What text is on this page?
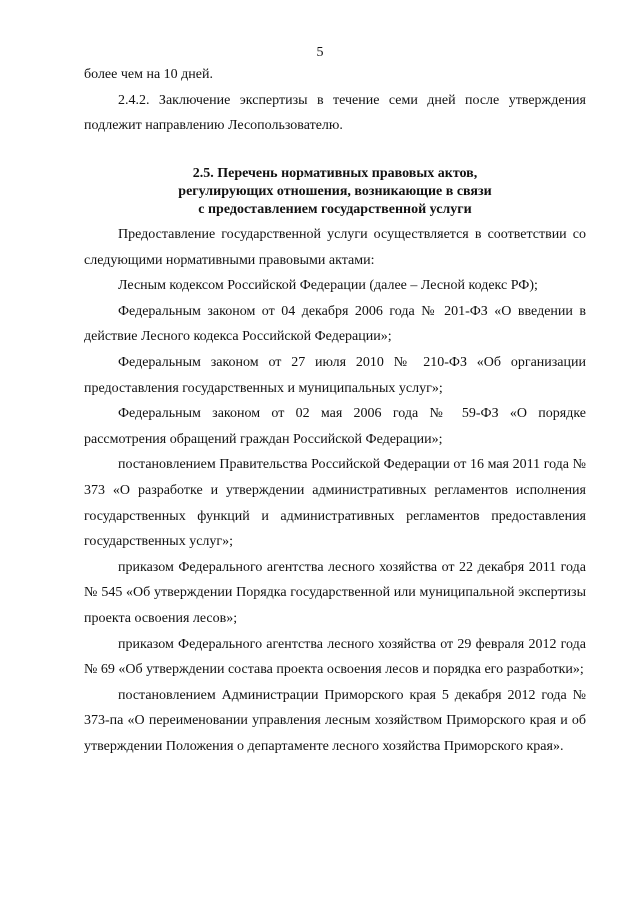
5

более чем на 10 дней.

2.4.2. Заключение экспертизы в течение семи дней после утверждения подлежит направлению Лесопользователю.

2.5. Перечень нормативных правовых актов,
регулирующих отношения, возникающие в связи
с предоставлением государственной услуги

Предоставление государственной услуги осуществляется в соответствии со следующими нормативными правовыми актами:

Лесным кодексом Российской Федерации (далее – Лесной кодекс РФ);

Федеральным законом от 04 декабря 2006 года № 201-ФЗ «О введении в действие Лесного кодекса Российской Федерации»;

Федеральным законом от 27 июля 2010 № 210-ФЗ «Об организации предоставления государственных и муниципальных услуг»;

Федеральным законом от 02 мая 2006 года № 59-ФЗ «О порядке рассмотрения обращений граждан Российской Федерации»;

постановлением Правительства Российской Федерации от 16 мая 2011 года № 373 «О разработке и утверждении административных регламентов исполнения государственных функций и административных регламентов предоставления государственных услуг»;

приказом Федерального агентства лесного хозяйства от 22 декабря 2011 года № 545 «Об утверждении Порядка государственной или муниципальной экспертизы проекта освоения лесов»;

приказом Федерального агентства лесного хозяйства от 29 февраля 2012 года № 69 «Об утверждении состава проекта освоения лесов и порядка его разработки»;

постановлением Администрации Приморского края 5 декабря 2012 года № 373-па «О переименовании управления лесным хозяйством Приморского края и об утверждении Положения о департаменте лесного хозяйства Приморского края».
